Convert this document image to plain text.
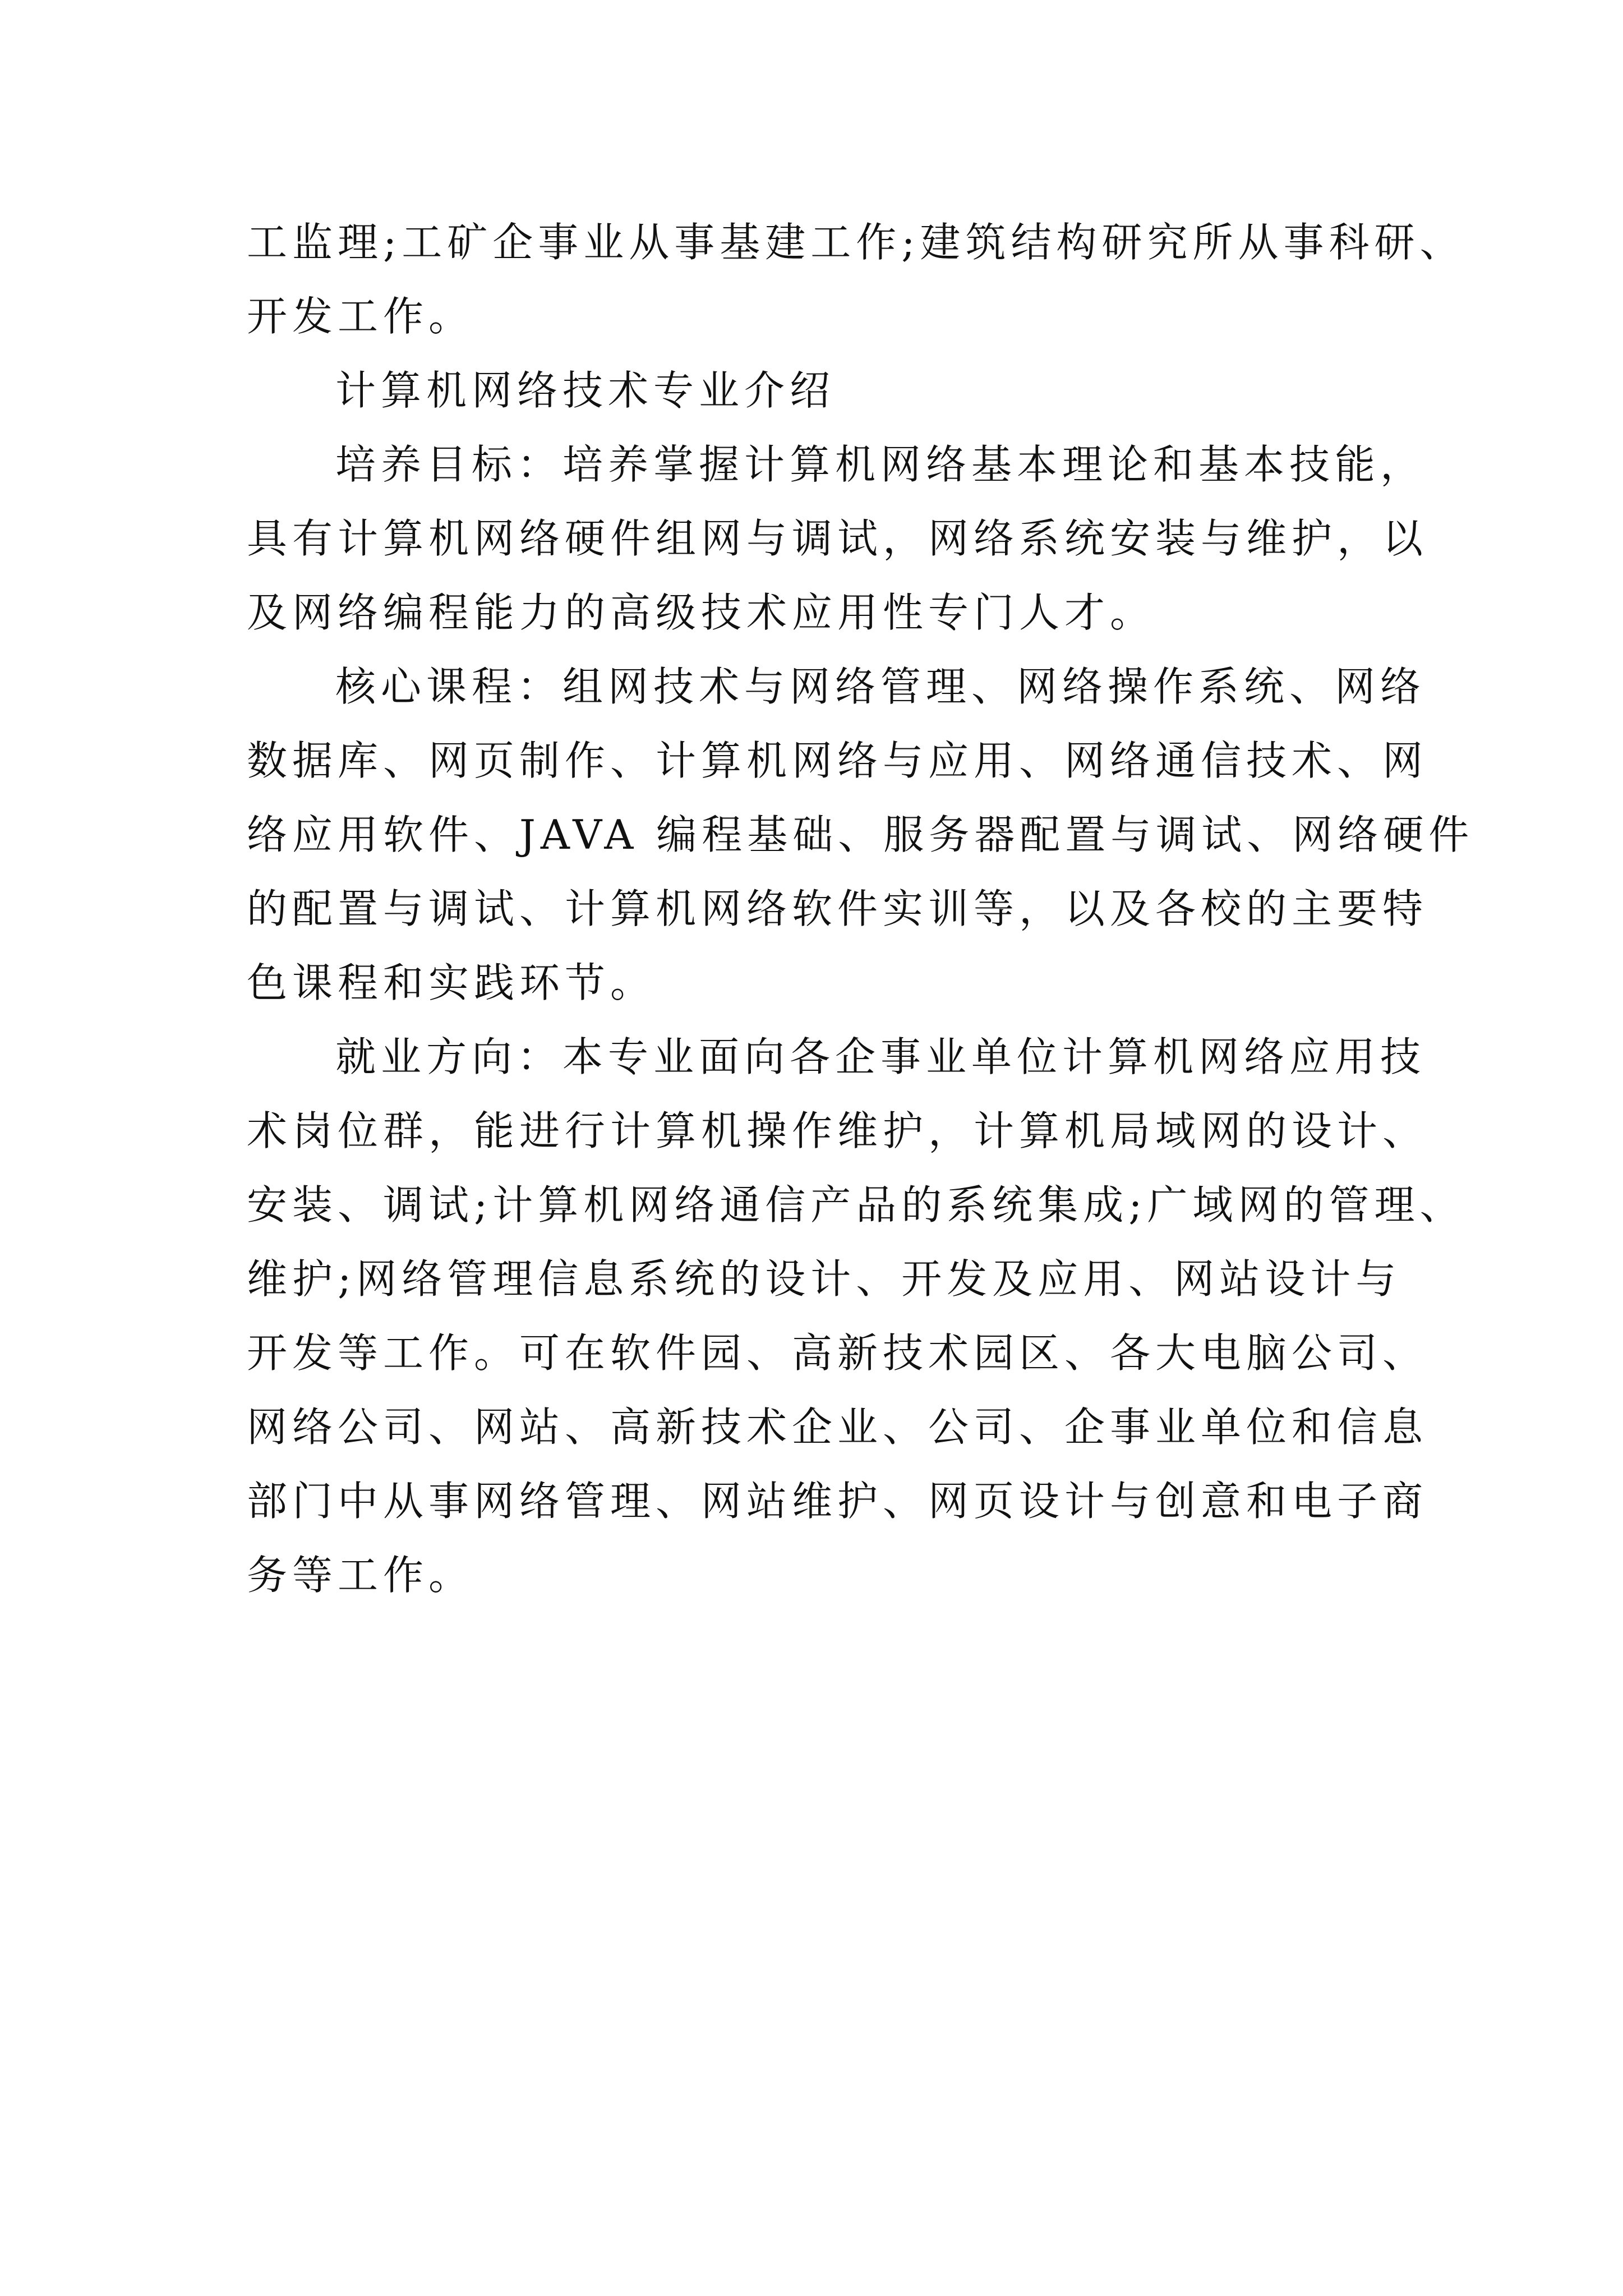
工监理;工矿企事业从事基建工作;建筑结构研究所从事科研、

开发工作。

计算机网络技术专业介绍

培养目标：培养掌握计算机网络基本理论和基本技能，

具有计算机网络硬件组网与调试，网络系统安装与维护，以

及网络编程能力的高级技术应用性专门人才。

核心课程：组网技术与网络管理、网络操作系统、网络

数据库、网页制作、计算机网络与应用、网络通信技术、网

络应用软件、JAVA 编程基础、服务器配置与调试、网络硬件

的配置与调试、计算机网络软件实训等，以及各校的主要特

色课程和实践环节。

就业方向：本专业面向各企事业单位计算机网络应用技

术岗位群，能进行计算机操作维护，计算机局域网的设计、

安装、调试;计算机网络通信产品的系统集成;广域网的管理、

维护;网络管理信息系统的设计、开发及应用、网站设计与

开发等工作。可在软件园、高新技术园区、各大电脑公司、

网络公司、网站、高新技术企业、公司、企事业单位和信息

部门中从事网络管理、网站维护、网页设计与创意和电子商

务等工作。
